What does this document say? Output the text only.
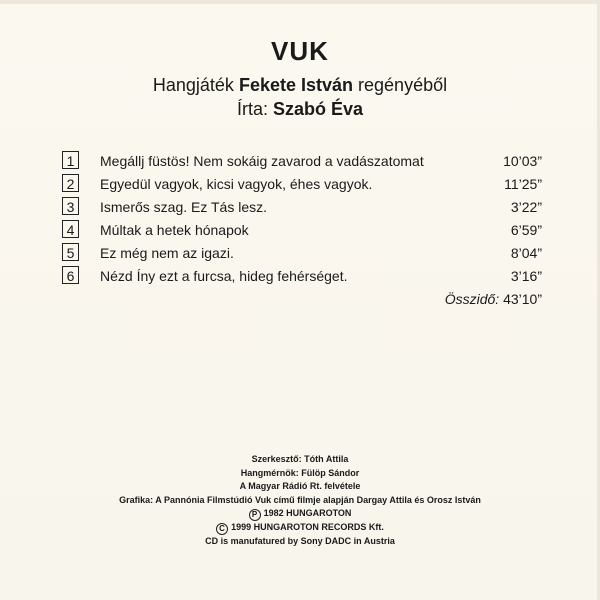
VUK
Hangjáték Fekete István regényéből
Írta: Szabó Éva
1	Megállj füstös! Nem sokáig zavarod a vadászatomat	10’03”
2	Egyedül vagyok, kicsi vagyok, éhes vagyok.	11’25”
3	Ismerős szag. Ez Tás lesz.	3’22”
4	Múltak a hetek hónapok	6’59”
5	Ez még nem az igazi.	8’04”
6	Nézd Íny ezt a furcsa, hideg fehérséget.	3’16”
Összidő: 43’10”
Szerkesztő: Tóth Attila
Hangmérnök: Fülöp Sándor
A Magyar Rádió Rt. felvétele
Grafika: A Pannónia Filmstúdió Vuk című filmje alapján Dargay Attila és Orosz István
P 1982 HUNGAROTON
C 1999 HUNGAROTON RECORDS Kft.
CD is manufatured by Sony DADC in Austria
